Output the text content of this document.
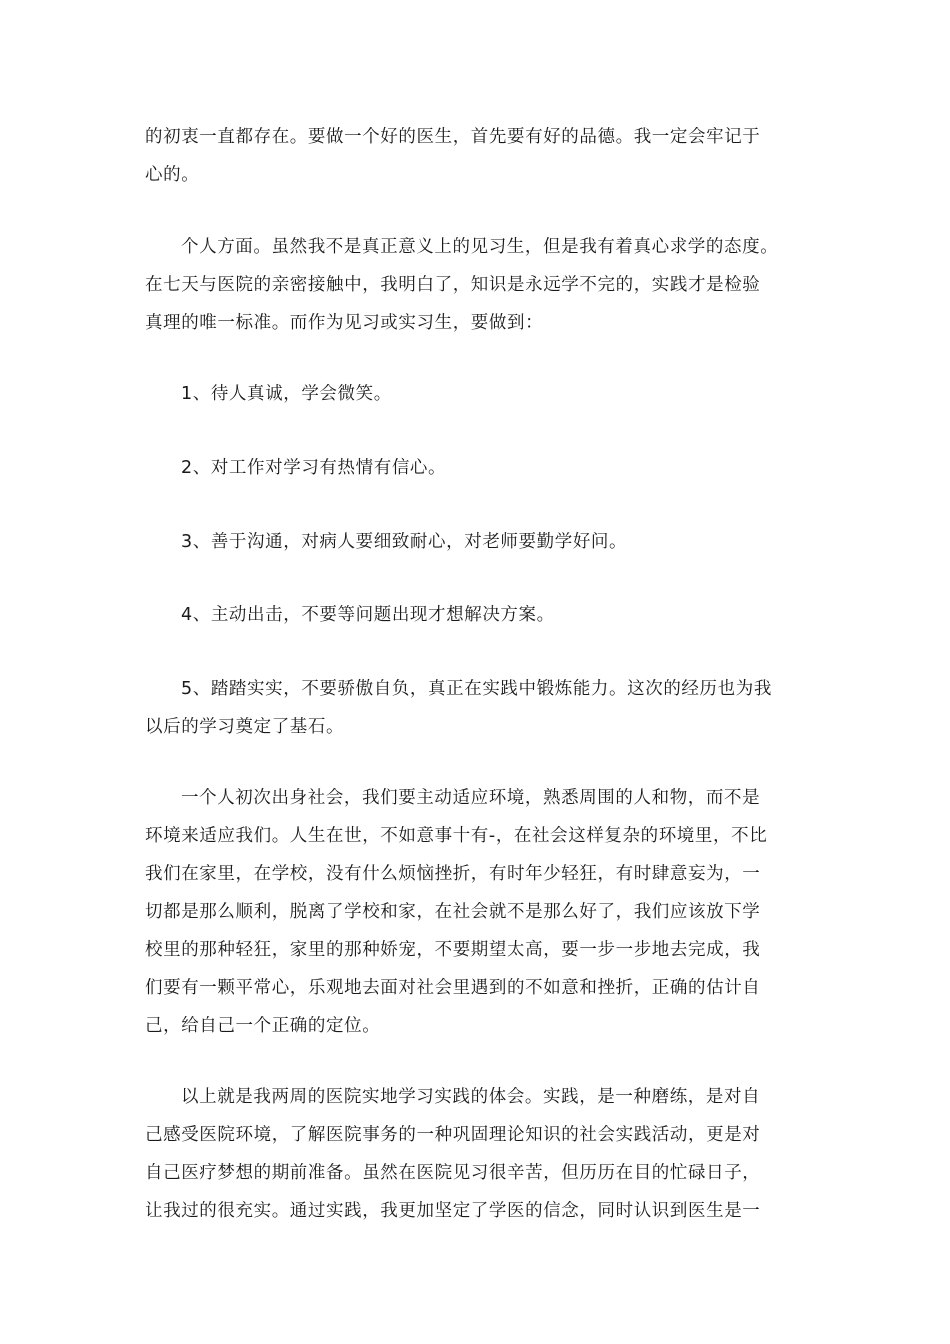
的初衷一直都存在。要做一个好的医生，首先要有好的品德。我一定会牢记于
心的。
个人方面。虽然我不是真正意义上的见习生，但是我有着真心求学的态度。
在七天与医院的亲密接触中，我明白了，知识是永远学不完的，实践才是检验
真理的唯一标准。而作为见习或实习生，要做到：
1、待人真诚，学会微笑。
2、对工作对学习有热情有信心。
3、善于沟通，对病人要细致耐心，对老师要勤学好问。
4、主动出击，不要等问题出现才想解决方案。
5、踏踏实实，不要骄傲自负，真正在实践中锻炼能力。这次的经历也为我
以后的学习奠定了基石。
一个人初次出身社会，我们要主动适应环境，熟悉周围的人和物，而不是
环境来适应我们。人生在世，不如意事十有-，在社会这样复杂的环境里，不比
我们在家里，在学校，没有什么烦恼挫折，有时年少轻狂，有时肆意妄为，一
切都是那么顺利，脱离了学校和家，在社会就不是那么好了，我们应该放下学
校里的那种轻狂，家里的那种娇宠，不要期望太高，要一步一步地去完成，我
们要有一颗平常心，乐观地去面对社会里遇到的不如意和挫折，正确的估计自
己，给自己一个正确的定位。
以上就是我两周的医院实地学习实践的体会。实践，是一种磨练，是对自
己感受医院环境，了解医院事务的一种巩固理论知识的社会实践活动，更是对
自己医疗梦想的期前准备。虽然在医院见习很辛苦，但历历在目的忙碌日子，
让我过的很充实。通过实践，我更加坚定了学医的信念，同时认识到医生是一
